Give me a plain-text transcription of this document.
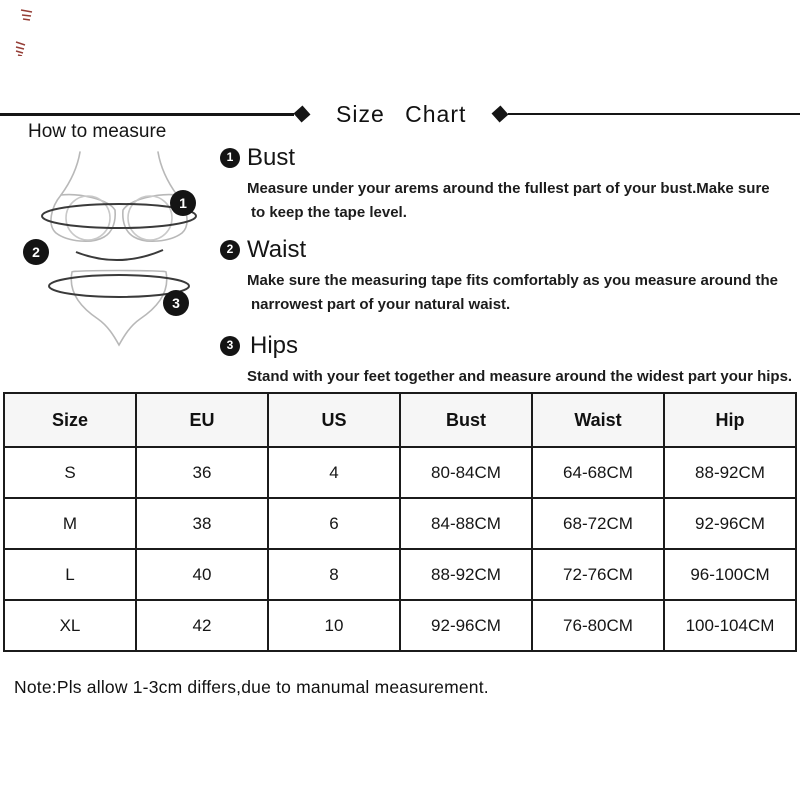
Size Chart
How to measure
1
2
3
1 Bust
Measure under your arems around the fullest part of your bust.Make sure
to keep the tape level.
2 Waist
Make sure the measuring tape fits comfortably as you measure around the
narrowest part of your natural waist.
3 Hips
Stand with your feet together and measure around the widest part your hips.
Size	EU	US	Bust	Waist	Hip
S	36	4	80-84CM	64-68CM	88-92CM
M	38	6	84-88CM	68-72CM	92-96CM
L	40	8	88-92CM	72-76CM	96-100CM
XL	42	10	92-96CM	76-80CM	100-104CM
Note:Pls allow 1-3cm differs,due to manumal measurement.
